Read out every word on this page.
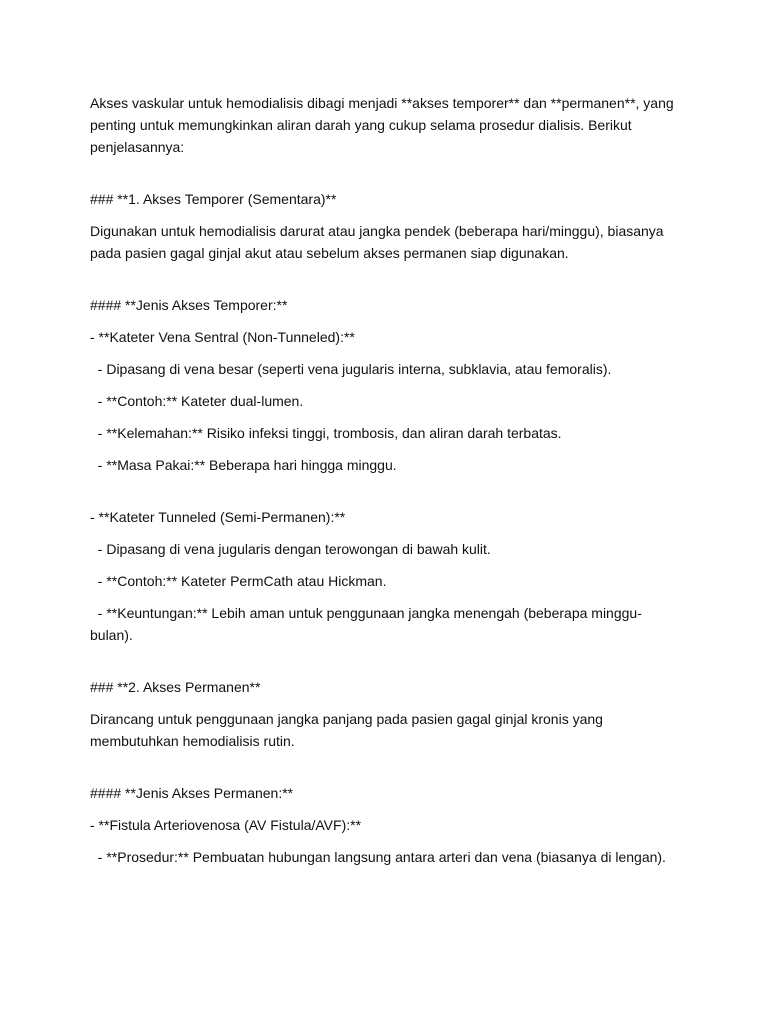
Akses vaskular untuk hemodialisis dibagi menjadi **akses temporer** dan **permanen**, yang

penting untuk memungkinkan aliran darah yang cukup selama prosedur dialisis. Berikut

penjelasannya:

### **1. Akses Temporer (Sementara)**

Digunakan untuk hemodialisis darurat atau jangka pendek (beberapa hari/minggu), biasanya

pada pasien gagal ginjal akut atau sebelum akses permanen siap digunakan.

#### **Jenis Akses Temporer:**

- **Kateter Vena Sentral (Non-Tunneled):**

- Dipasang di vena besar (seperti vena jugularis interna, subklavia, atau femoralis).

- **Contoh:** Kateter dual-lumen.

- **Kelemahan:** Risiko infeksi tinggi, trombosis, dan aliran darah terbatas.

- **Masa Pakai:** Beberapa hari hingga minggu.

- **Kateter Tunneled (Semi-Permanen):**

- Dipasang di vena jugularis dengan terowongan di bawah kulit.

- **Contoh:** Kateter PermCath atau Hickman.

- **Keuntungan:** Lebih aman untuk penggunaan jangka menengah (beberapa minggu-

bulan).

### **2. Akses Permanen**

Dirancang untuk penggunaan jangka panjang pada pasien gagal ginjal kronis yang

membutuhkan hemodialisis rutin.

#### **Jenis Akses Permanen:**

- **Fistula Arteriovenosa (AV Fistula/AVF):**

- **Prosedur:** Pembuatan hubungan langsung antara arteri dan vena (biasanya di lengan).
